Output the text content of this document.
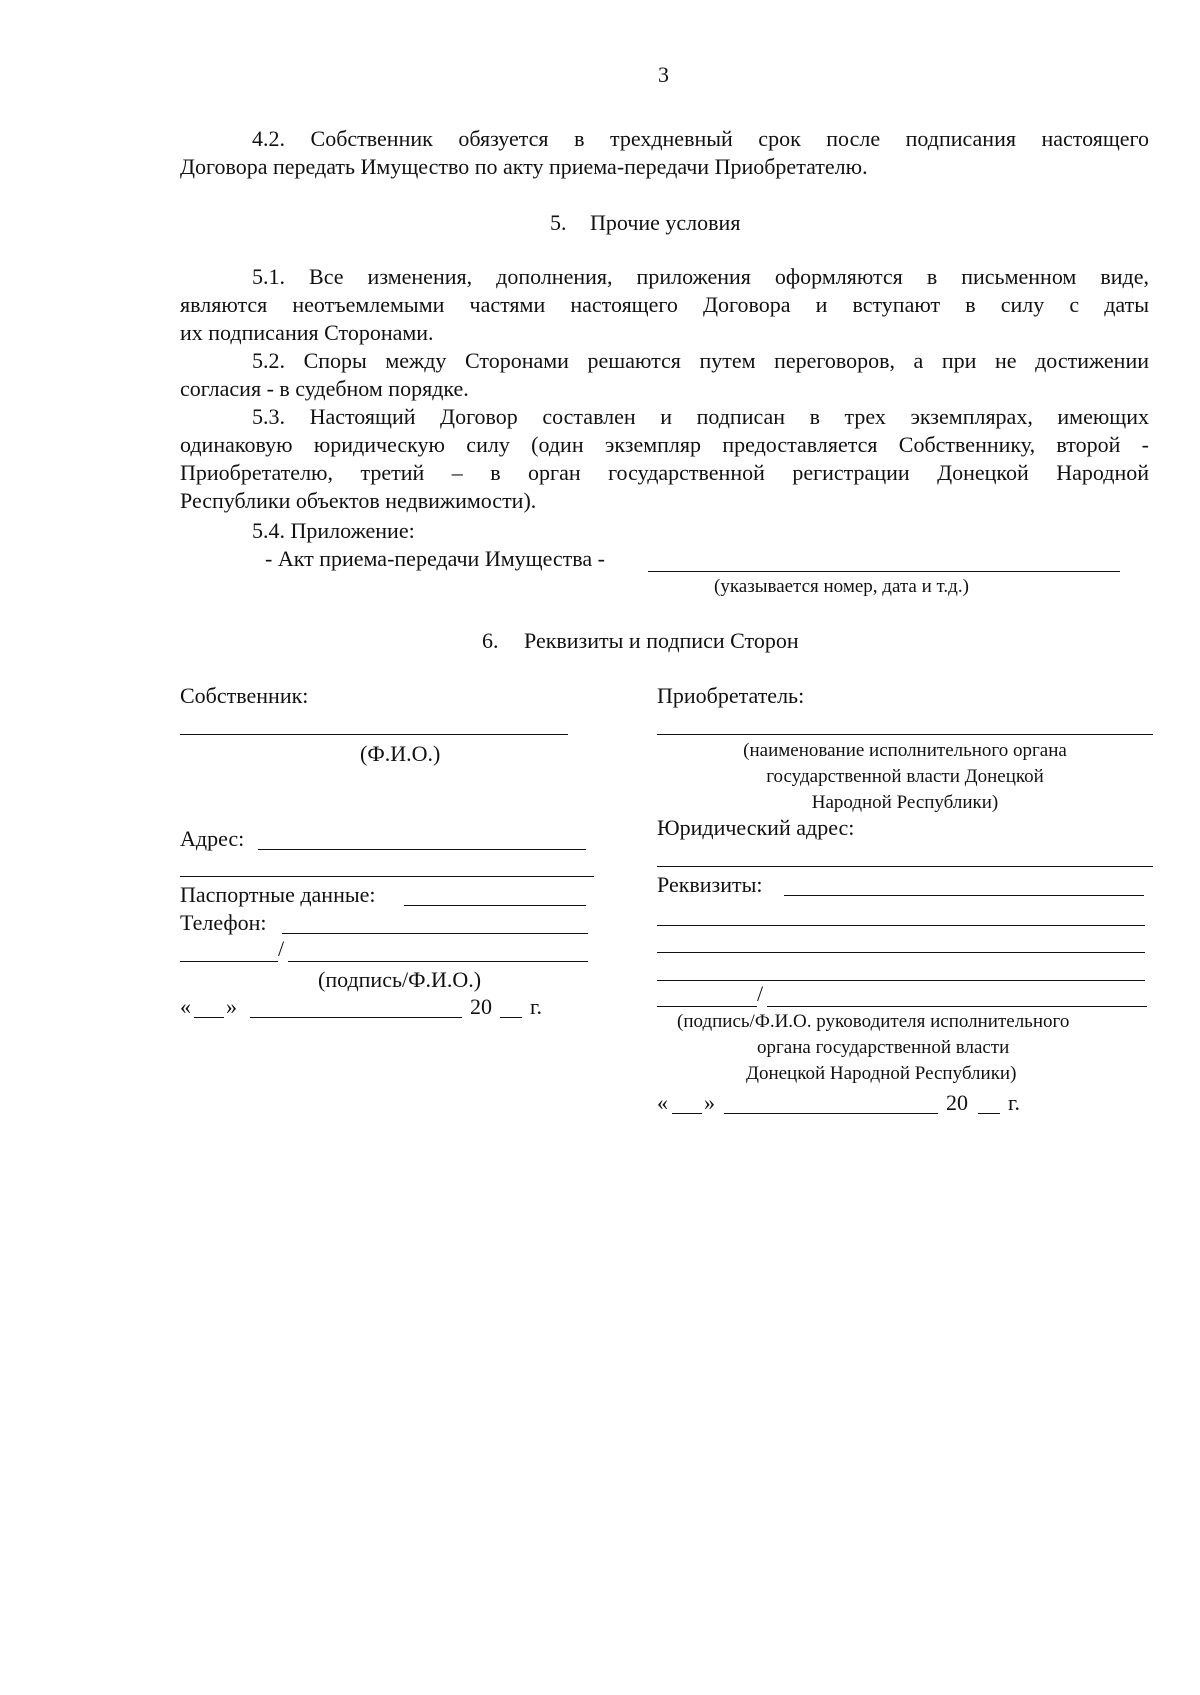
3
4.2. Собственник обязуется в трехдневный срок после подписания настоящего
Договора передать Имущество по акту приема-передачи Приобретателю.
5. Прочие условия
5.1. Все изменения, дополнения, приложения оформляются в письменном виде,
являются неотъемлемыми частями настоящего Договора и вступают в силу с даты
их подписания Сторонами.
5.2. Споры между Сторонами решаются путем переговоров, а при не достижении
согласия - в судебном порядке.
5.3. Настоящий Договор составлен и подписан в трех экземплярах, имеющих
одинаковую юридическую силу (один экземпляр предоставляется Собственнику, второй -
Приобретателю, третий – в орган государственной регистрации Донецкой Народной
Республики объектов недвижимости).
5.4. Приложение:
- Акт приема-передачи Имущества -
(указывается номер, дата и т.д.)
6. Реквизиты и подписи Сторон
Собственник:
(Ф.И.О.)
Адрес:
Паспортные данные:
Телефон:
/
(подпись/Ф.И.О.)
« »	20 г.
Приобретатель:
(наименование исполнительного органа
государственной власти Донецкой
Народной Республики)
Юридический адрес:
Реквизиты:
/
(подпись/Ф.И.О. руководителя исполнительного
органа государственной власти
Донецкой Народной Республики)
« »	20 г.
